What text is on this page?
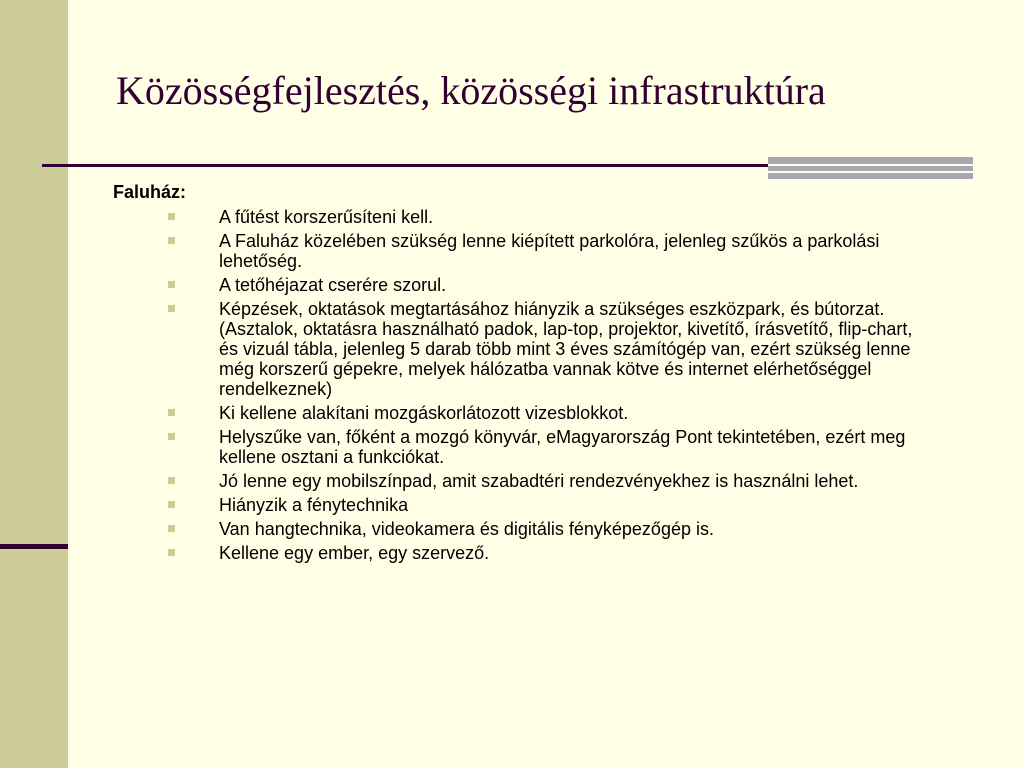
Közösségfejlesztés, közösségi infrastruktúra
Faluház:
A fűtést korszerűsíteni kell.
A Faluház közelében szükség lenne kiépített parkolóra, jelenleg szűkös a parkolási lehetőség.
A tetőhéjazat cserére szorul.
Képzések, oktatások megtartásához hiányzik a szükséges eszközpark, és bútorzat. (Asztalok, oktatásra használható padok, lap-top, projektor, kivetítő, írásvetítő, flip-chart, és vizuál tábla, jelenleg 5 darab több mint 3 éves számítógép van, ezért szükség lenne még korszerű gépekre, melyek hálózatba vannak kötve és internet elérhetőséggel rendelkeznek)
Ki kellene alakítani mozgáskorlátozott vizesblokkot.
Helyszűke van, főként a mozgó könyvár, eMagyarország Pont tekintetében, ezért meg kellene osztani a funkciókat.
Jó lenne egy mobilszínpad, amit szabadtéri rendezvényekhez is használni lehet.
Hiányzik a fénytechnika
Van hangtechnika, videokamera és digitális fényképezőgép is.
Kellene egy ember, egy szervező.
